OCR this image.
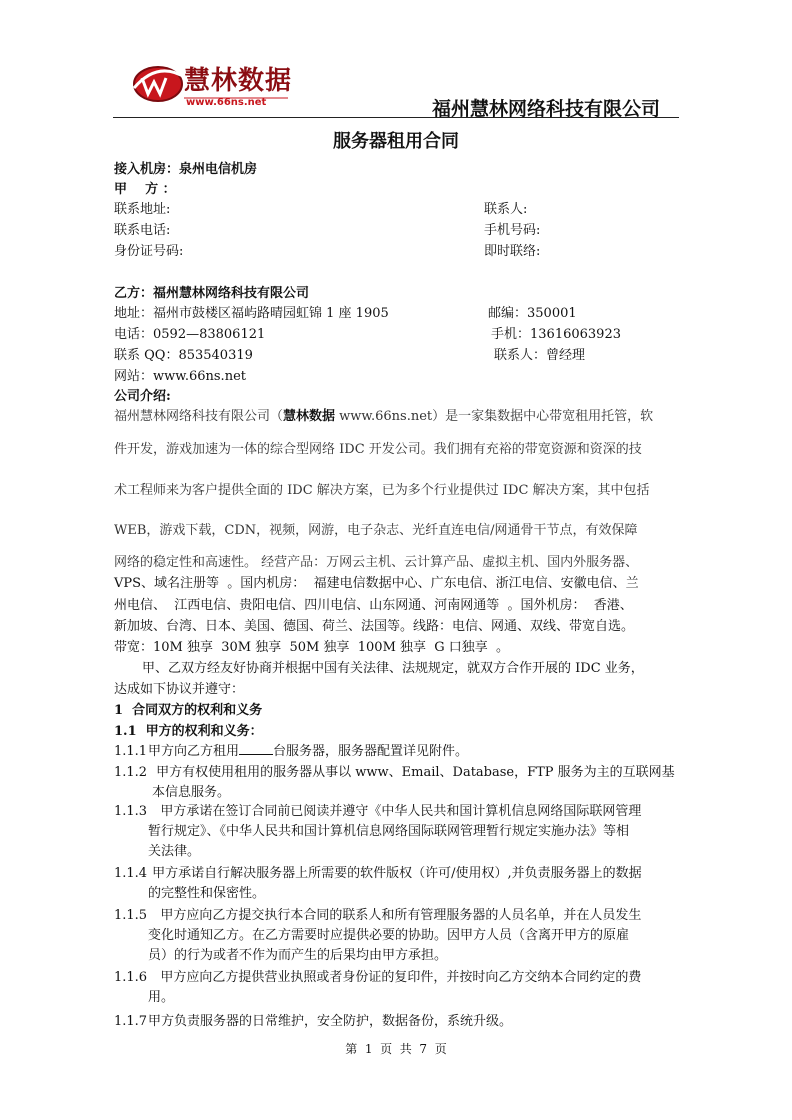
慧林数据
www.66ns.net	福州慧林网络科技有限公司
服务器租用合同
接入机房：泉州电信机房
甲    方 ：
联系地址:	联系人:
联系电话:	手机号码:
身份证号码:	即时联络:
乙方：福州慧林网络科技有限公司
地址：福州市鼓楼区福屿路晴园虹锦 1 座 1905	邮编：350001
电话：0592—83806121	手机：13616063923
联系 QQ：853540319	联系人：曾经理
网站：www.66ns.net
公司介绍:
福州慧林网络科技有限公司（慧林数据 www.66ns.net）是一家集数据中心带宽租用托管，软
件开发，游戏加速为一体的综合型网络 IDC 开发公司。我们拥有充裕的带宽资源和资深的技
术工程师来为客户提供全面的 IDC 解决方案，已为多个行业提供过 IDC 解决方案，其中包括
WEB，游戏下载，CDN，视频，网游，电子杂志、光纤直连电信/网通骨干节点，有效保障
网络的稳定性和高速性。 经营产品：万网云主机、云计算产品、虚拟主机、国内外服务器、
VPS、域名注册等  。国内机房：  福建电信数据中心、广东电信、浙江电信、安徽电信、兰
州电信、  江西电信、贵阳电信、四川电信、山东网通、河南网通等  。国外机房：  香港、
新加坡、台湾、日本、美国、德国、荷兰、法国等。线路：电信、网通、双线、带宽自选。
带宽：10M 独享  30M 独享  50M 独享  100M 独享  G 口独享  。
甲、乙双方经友好协商并根据中国有关法律、法规规定，就双方合作开展的 IDC 业务，
达成如下协议并遵守：
1  合同双方的权利和义务
1.1  甲方的权利和义务：
1.1.1 甲方向乙方租用	台服务器，服务器配置详见附件。
1.1.2 甲方有权使用租用的服务器从事以 www、Email、Database，FTP 服务为主的互联网基
本信息服务。
1.1.3 甲方承诺在签订合同前已阅读并遵守《中华人民共和国计算机信息网络国际联网管理
暂行规定》、《中华人民共和国计算机信息网络国际联网管理暂行规定实施办法》等相
关法律。
1.1.4 甲方承诺自行解决服务器上所需要的软件版权（许可/使用权）,并负责服务器上的数据
的完整性和保密性。
1.1.5 甲方应向乙方提交执行本合同的联系人和所有管理服务器的人员名单，并在人员发生
变化时通知乙方。在乙方需要时应提供必要的协助。因甲方人员（含离开甲方的原雇
员）的行为或者不作为而产生的后果均由甲方承担。
1.1.6 甲方应向乙方提供营业执照或者身份证的复印件，并按时向乙方交纳本合同约定的费
用。
1.1.7 甲方负责服务器的日常维护，安全防护，数据备份，系统升级。
第  1  页  共  7  页
